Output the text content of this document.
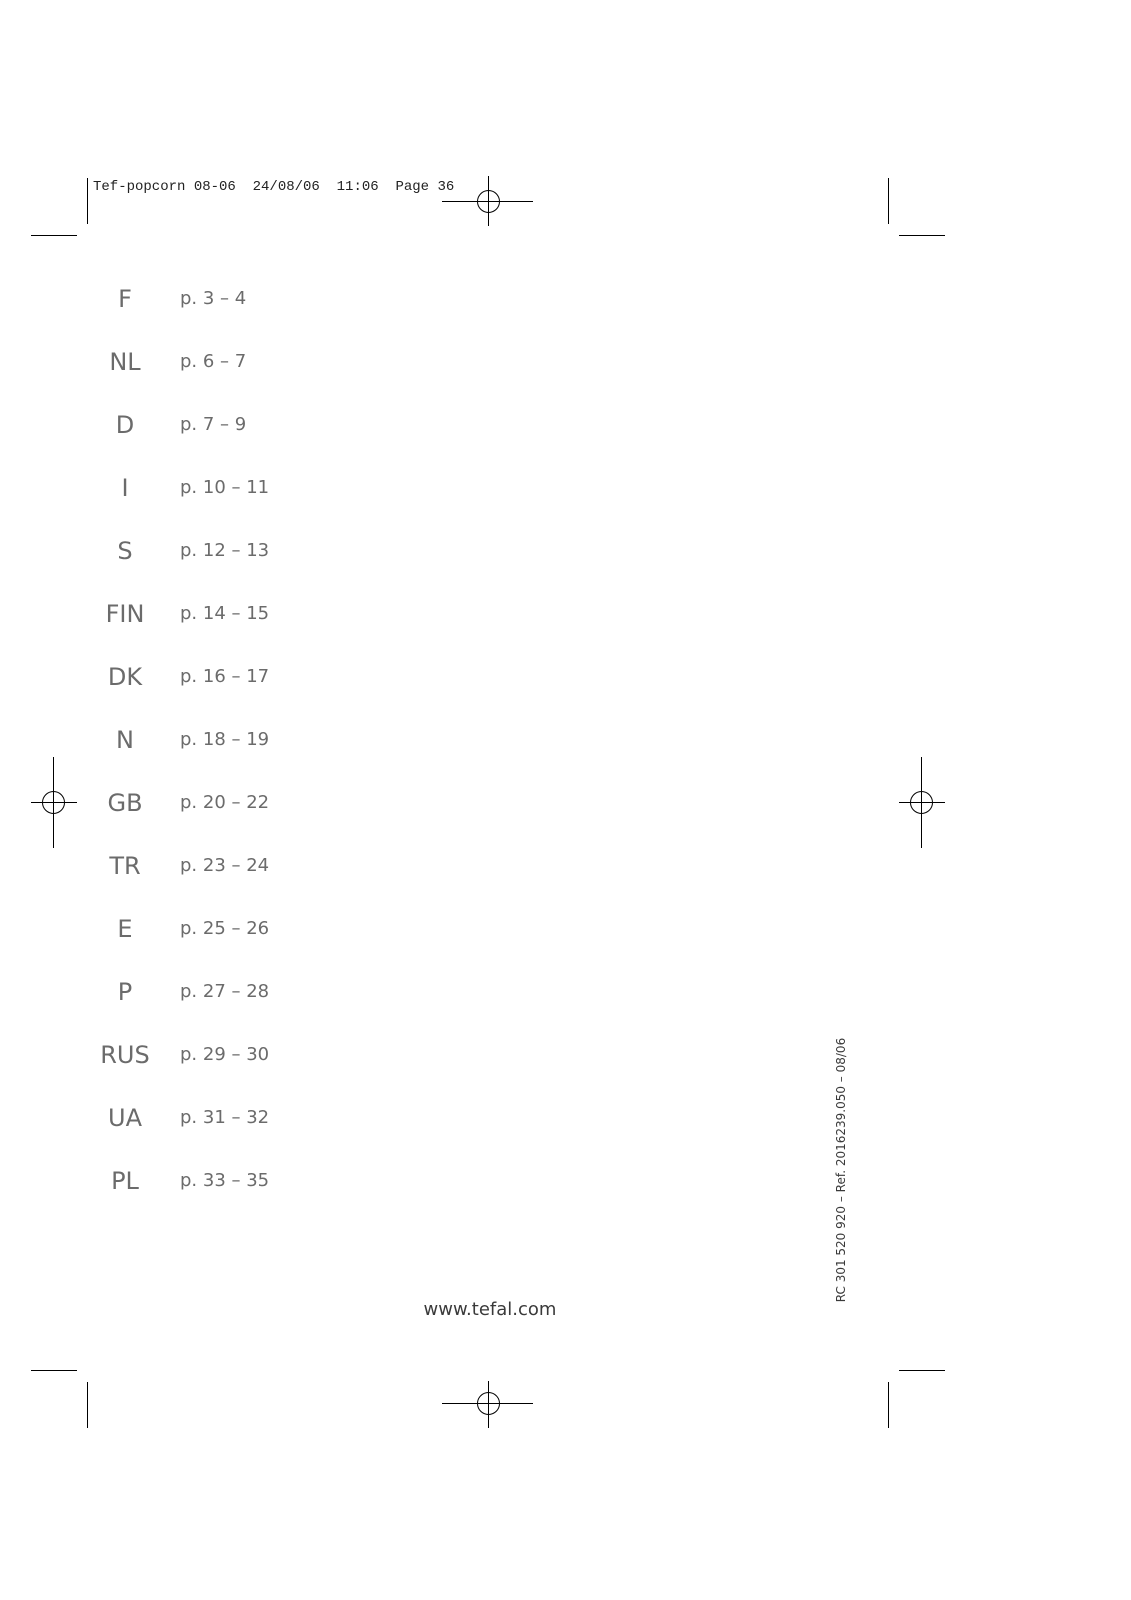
Tef-popcorn 08-06  24/08/06  11:06  Page 36
F	p. 3 – 4
NL	p. 6 – 7
D	p. 7 – 9
I	p. 10 – 11
S	p. 12 – 13
FIN	p. 14 – 15
DK	p. 16 – 17
N	p. 18 – 19
GB	p. 20 – 22
TR	p. 23 – 24
E	p. 25 – 26
P	p. 27 – 28
RUS	p. 29 – 30
UA	p. 31 – 32
PL	p. 33 – 35
www.tefal.com
RC 301 520 920 – Ref. 2016239.050 – 08/06
